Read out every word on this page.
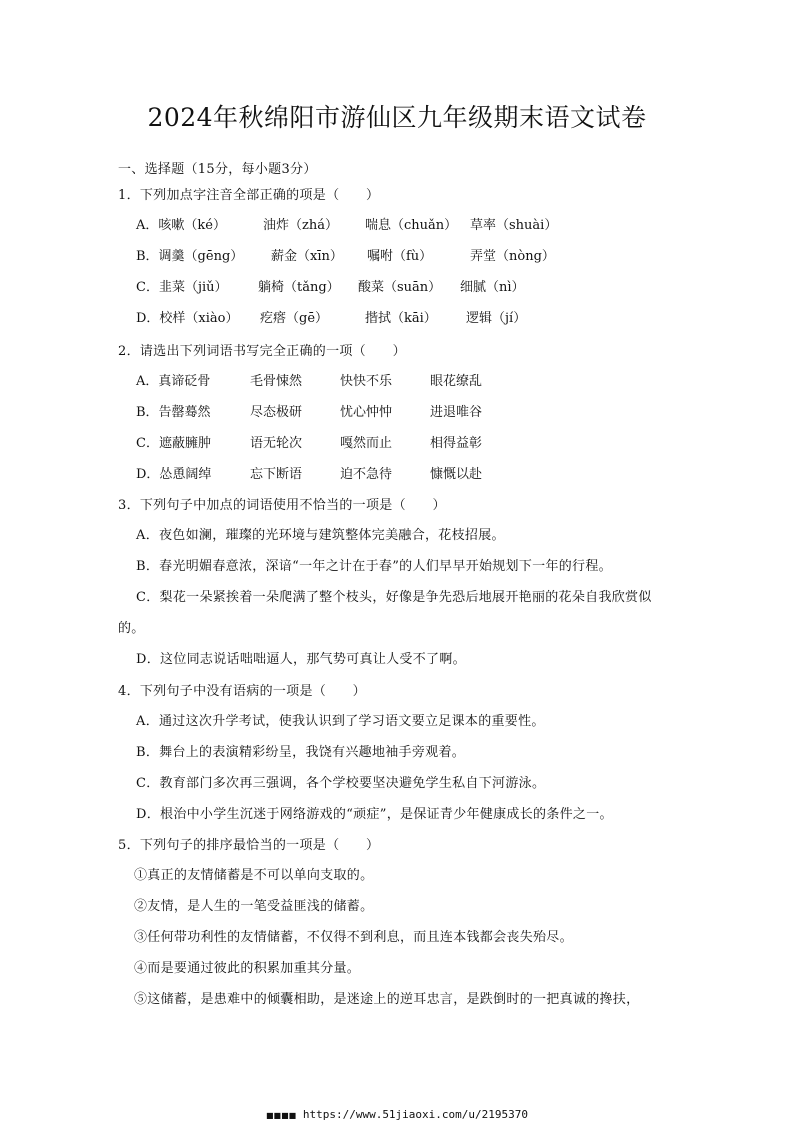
2024年秋绵阳市游仙区九年级期末语文试卷
一、选择题（15分，每小题3分）
1．下列加点字注音全部正确的项是（　　）
A．咳嗽（ké）	油炸（zhá） 喘息（chuǎn） 草率（shuài）
B．调羹（gēng） 薪金（xīn） 嘱咐（fù）	弄堂（nòng）
C．韭菜（jiǔ） 躺椅（tǎng） 酸菜（suān） 细腻（nì）
D．校样（xiào） 疙瘩（gē）	揩拭（kāi） 逻辑（jí）
2．请选出下列词语书写完全正确的一项（　　）
A．真谛砭骨	毛骨悚然	快快不乐	眼花缭乱
B．告罄蓦然	尽态极研	忧心忡忡	进退唯谷
C．遮蔽臃肿	语无轮次	嘎然而止	相得益彰
D．怂恿阔绰	忘下断语	迫不急待	慷慨以赴
3．下列句子中加点的词语使用不恰当的一项是（　　）
A．夜色如澜，璀璨的光环境与建筑整体完美融合，花枝招展。
B．春光明媚春意浓，深谙“一年之计在于春”的人们早早开始规划下一年的行程。
C．梨花一朵紧挨着一朵爬满了整个枝头，好像是争先恐后地展开艳丽的花朵自我欣赏似
的。
D．这位同志说话咄咄逼人，那气势可真让人受不了啊。
4．下列句子中没有语病的一项是（　　）
A．通过这次升学考试，使我认识到了学习语文要立足课本的重要性。
B．舞台上的表演精彩纷呈，我饶有兴趣地袖手旁观着。
C．教育部门多次再三强调，各个学校要坚决避免学生私自下河游泳。
D．根治中小学生沉迷于网络游戏的“顽症”，是保证青少年健康成长的条件之一。
5．下列句子的排序最恰当的一项是（　　）
①真正的友情储蓄是不可以单向支取的。
②友情，是人生的一笔受益匪浅的储蓄。
③任何带功利性的友情储蓄，不仅得不到利息，而且连本钱都会丧失殆尽。
④而是要通过彼此的积累加重其分量。
⑤这储蓄，是患难中的倾囊相助，是迷途上的逆耳忠言，是跌倒时的一把真诚的搀扶，
■■■■ https://www.51jiaoxi.com/u/2195370
